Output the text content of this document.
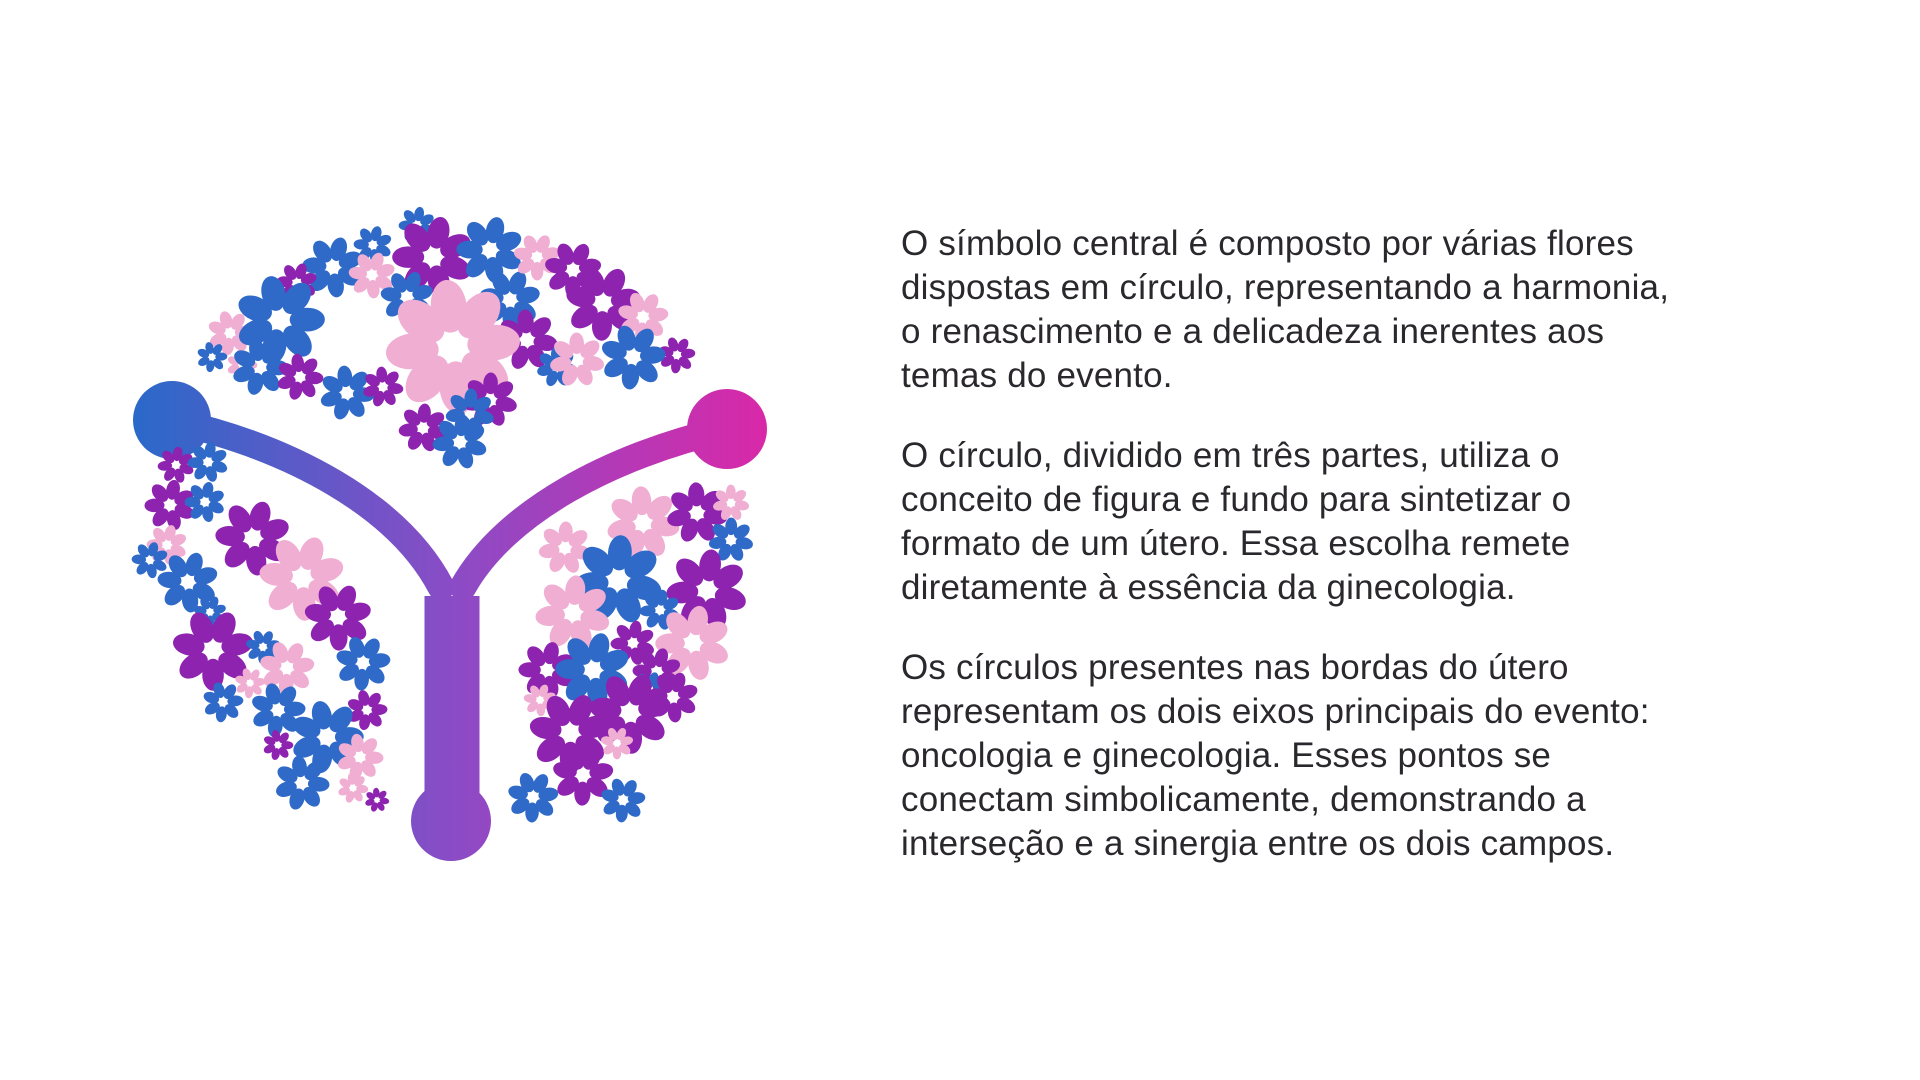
O símbolo central é composto por várias flores
dispostas em círculo, representando a harmonia,
o renascimento e a delicadeza inerentes aos
temas do evento.
O círculo, dividido em três partes, utiliza o
conceito de figura e fundo para sintetizar o
formato de um útero. Essa escolha remete
diretamente à essência da ginecologia.
Os círculos presentes nas bordas do útero
representam os dois eixos principais do evento:
oncologia e ginecologia. Esses pontos se
conectam simbolicamente, demonstrando a
interseção e a sinergia entre os dois campos.
